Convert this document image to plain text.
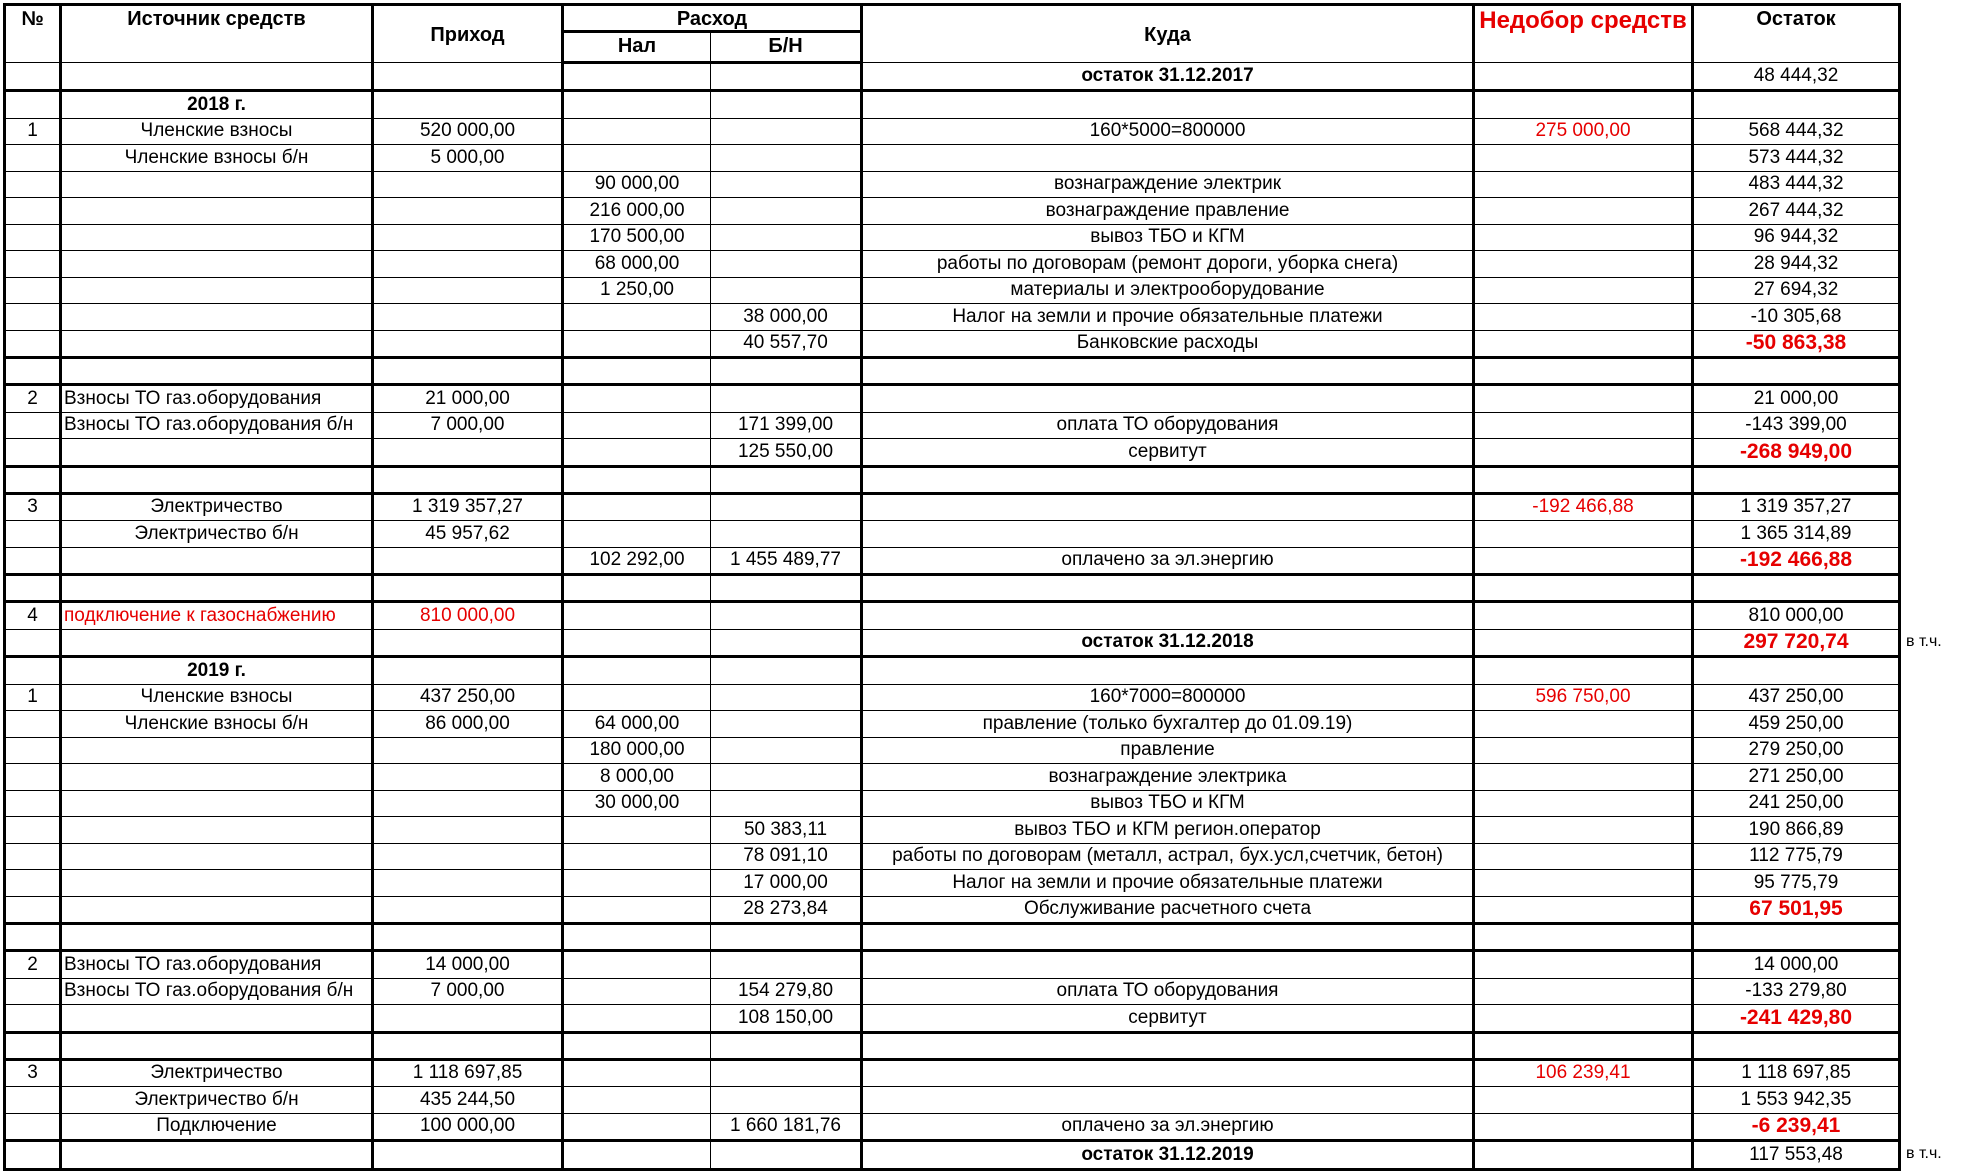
№	Источник средств	Приход	Расход		Куда	Недобор средств	Остаток
			Нал	Б/Н			
					остаток 31.12.2017		48 444,32
	2018 г.						
1	Членские взносы	520 000,00			160*5000=800000	275 000,00	568 444,32
	Членские взносы б/н	5 000,00					573 444,32
			90 000,00		вознаграждение электрик		483 444,32
			216 000,00		вознаграждение правление		267 444,32
			170 500,00		вывоз ТБО и КГМ		96 944,32
			68 000,00		работы по договорам (ремонт дороги, уборка снега)		28 944,32
			1 250,00		материалы и электрооборудование		27 694,32
				38 000,00	Налог на земли и прочие обязательные платежи		-10 305,68
				40 557,70	Банковские расходы		-50 863,38

2	Взносы ТО газ.оборудования	21 000,00					21 000,00
	Взносы ТО газ.оборудования б/н	7 000,00		171 399,00	оплата ТО оборудования		-143 399,00
				125 550,00	сервитут		-268 949,00

3	Электричество	1 319 357,27				-192 466,88	1 319 357,27
	Электричество б/н	45 957,62					1 365 314,89
			102 292,00	1 455 489,77	оплачено за эл.энергию		-192 466,88

4	подключение к газоснабжению	810 000,00					810 000,00
					остаток 31.12.2018		297 720,74
	2019 г.						
1	Членские взносы	437 250,00			160*7000=800000	596 750,00	437 250,00
	Членские взносы б/н	86 000,00	64 000,00		правление (только бухгалтер до 01.09.19)		459 250,00
			180 000,00		правление		279 250,00
			8 000,00		вознаграждение электрика		271 250,00
			30 000,00		вывоз ТБО и КГМ		241 250,00
				50 383,11	вывоз ТБО и КГМ регион.оператор		190 866,89
				78 091,10	работы по договорам (металл, астрал, бух.усл,счетчик, бетон)		112 775,79
				17 000,00	Налог на земли и прочие обязательные платежи		95 775,79
				28 273,84	Обслуживание расчетного счета		67 501,95

2	Взносы ТО газ.оборудования	14 000,00					14 000,00
	Взносы ТО газ.оборудования б/н	7 000,00		154 279,80	оплата ТО оборудования		-133 279,80
				108 150,00	сервитут		-241 429,80

3	Электричество	1 118 697,85				106 239,41	1 118 697,85
	Электричество б/н	435 244,50					1 553 942,35
	Подключение	100 000,00		1 660 181,76	оплачено за эл.энергию		-6 239,41
					остаток 31.12.2019		117 553,48
в т.ч.
в т.ч.
